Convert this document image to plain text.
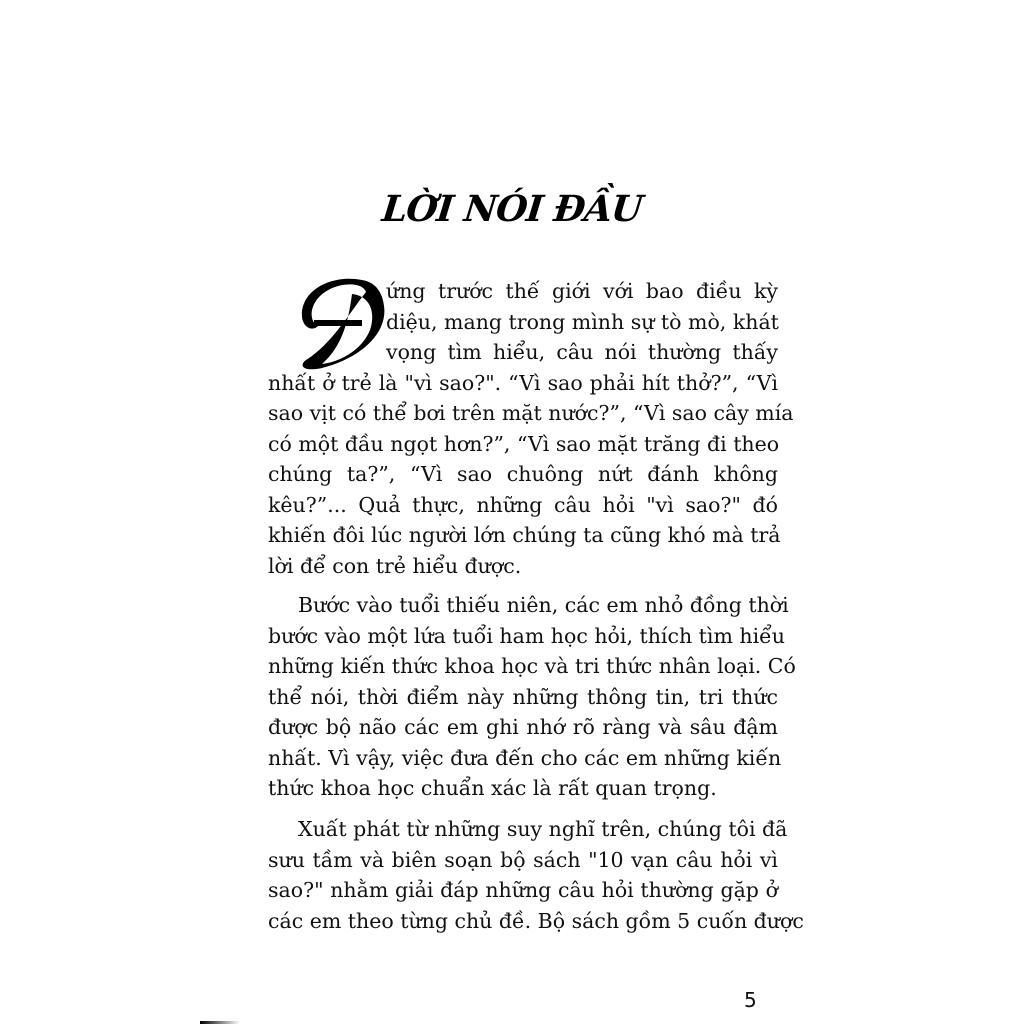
LỜI NÓI ĐẦU
ứng trước thế giới với bao điều kỳ
diệu, mang trong mình sự tò mò, khát
vọng tìm hiểu, câu nói thường thấy
nhất ở trẻ là "vì sao?". “Vì sao phải hít thở?”, “Vì
sao vịt có thể bơi trên mặt nước?”, “Vì sao cây mía
có một đầu ngọt hơn?”, “Vì sao mặt trăng đi theo
chúng ta?”, “Vì sao chuông nứt đánh không
kêu?”... Quả thực, những câu hỏi "vì sao?" đó
khiến đôi lúc người lớn chúng ta cũng khó mà trả
lời để con trẻ hiểu được.
Bước vào tuổi thiếu niên, các em nhỏ đồng thời
bước vào một lứa tuổi ham học hỏi, thích tìm hiểu
những kiến thức khoa học và tri thức nhân loại. Có
thể nói, thời điểm này những thông tin, tri thức
được bộ não các em ghi nhớ rõ ràng và sâu đậm
nhất. Vì vậy, việc đưa đến cho các em những kiến
thức khoa học chuẩn xác là rất quan trọng.
Xuất phát từ những suy nghĩ trên, chúng tôi đã
sưu tầm và biên soạn bộ sách "10 vạn câu hỏi vì
sao?" nhằm giải đáp những câu hỏi thường gặp ở
các em theo từng chủ đề. Bộ sách gồm 5 cuốn được
5
